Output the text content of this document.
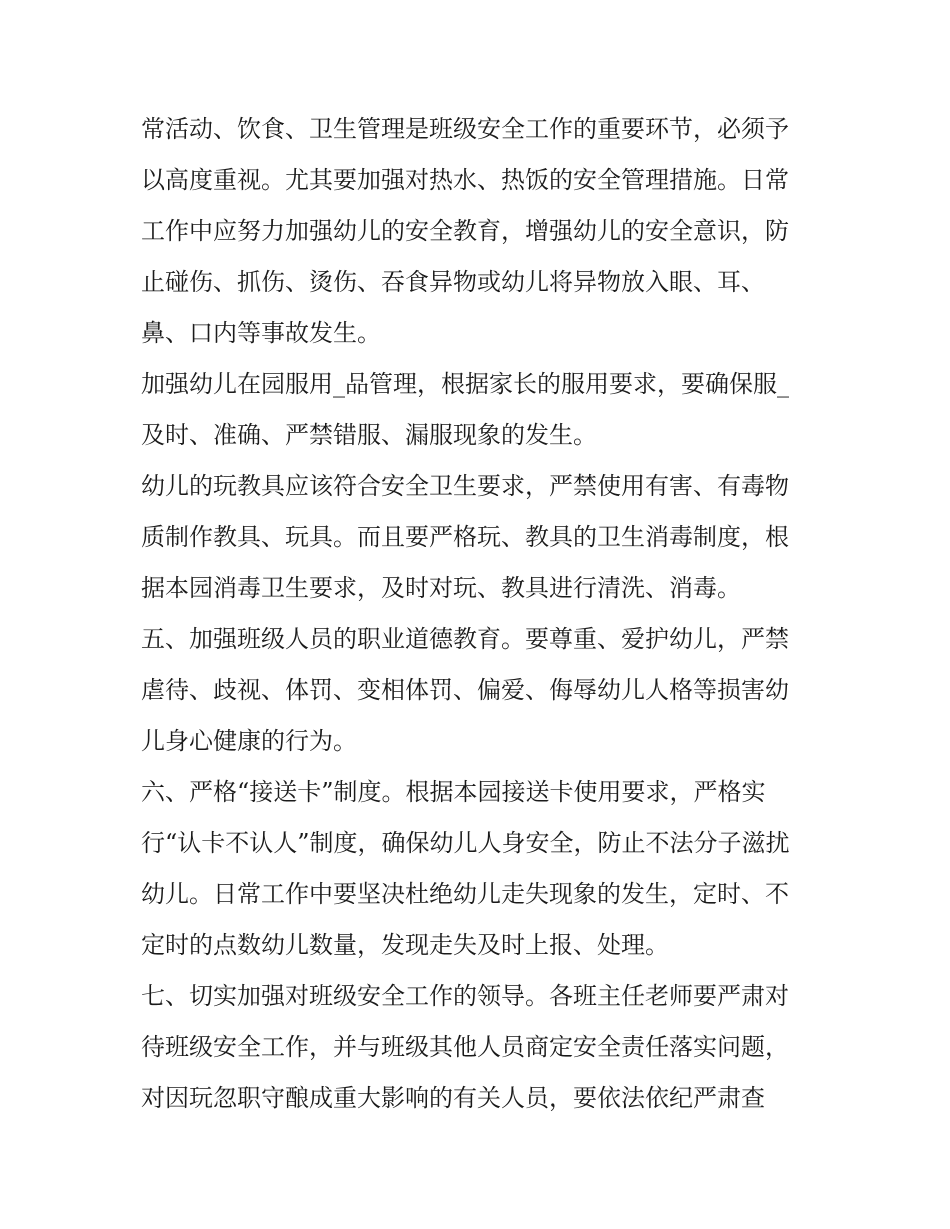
常活动、饮食、卫生管理是班级安全工作的重要环节，必须予
以高度重视。尤其要加强对热水、热饭的安全管理措施。日常
工作中应努力加强幼儿的安全教育，增强幼儿的安全意识，防
止碰伤、抓伤、烫伤、吞食异物或幼儿将异物放入眼、耳、
鼻、口内等事故发生。
加强幼儿在园服用_品管理，根据家长的服用要求，要确保服_
及时、准确、严禁错服、漏服现象的发生。
幼儿的玩教具应该符合安全卫生要求，严禁使用有害、有毒物
质制作教具、玩具。而且要严格玩、教具的卫生消毒制度，根
据本园消毒卫生要求，及时对玩、教具进行清洗、消毒。
五、加强班级人员的职业道德教育。要尊重、爱护幼儿，严禁
虐待、歧视、体罚、变相体罚、偏爱、侮辱幼儿人格等损害幼
儿身心健康的行为。
六、严格“接送卡”制度。根据本园接送卡使用要求，严格实
行“认卡不认人”制度，确保幼儿人身安全，防止不法分子滋扰
幼儿。日常工作中要坚决杜绝幼儿走失现象的发生，定时、不
定时的点数幼儿数量，发现走失及时上报、处理。
七、切实加强对班级安全工作的领导。各班主任老师要严肃对
待班级安全工作，并与班级其他人员商定安全责任落实问题，
对因玩忽职守酿成重大影响的有关人员，要依法依纪严肃查
